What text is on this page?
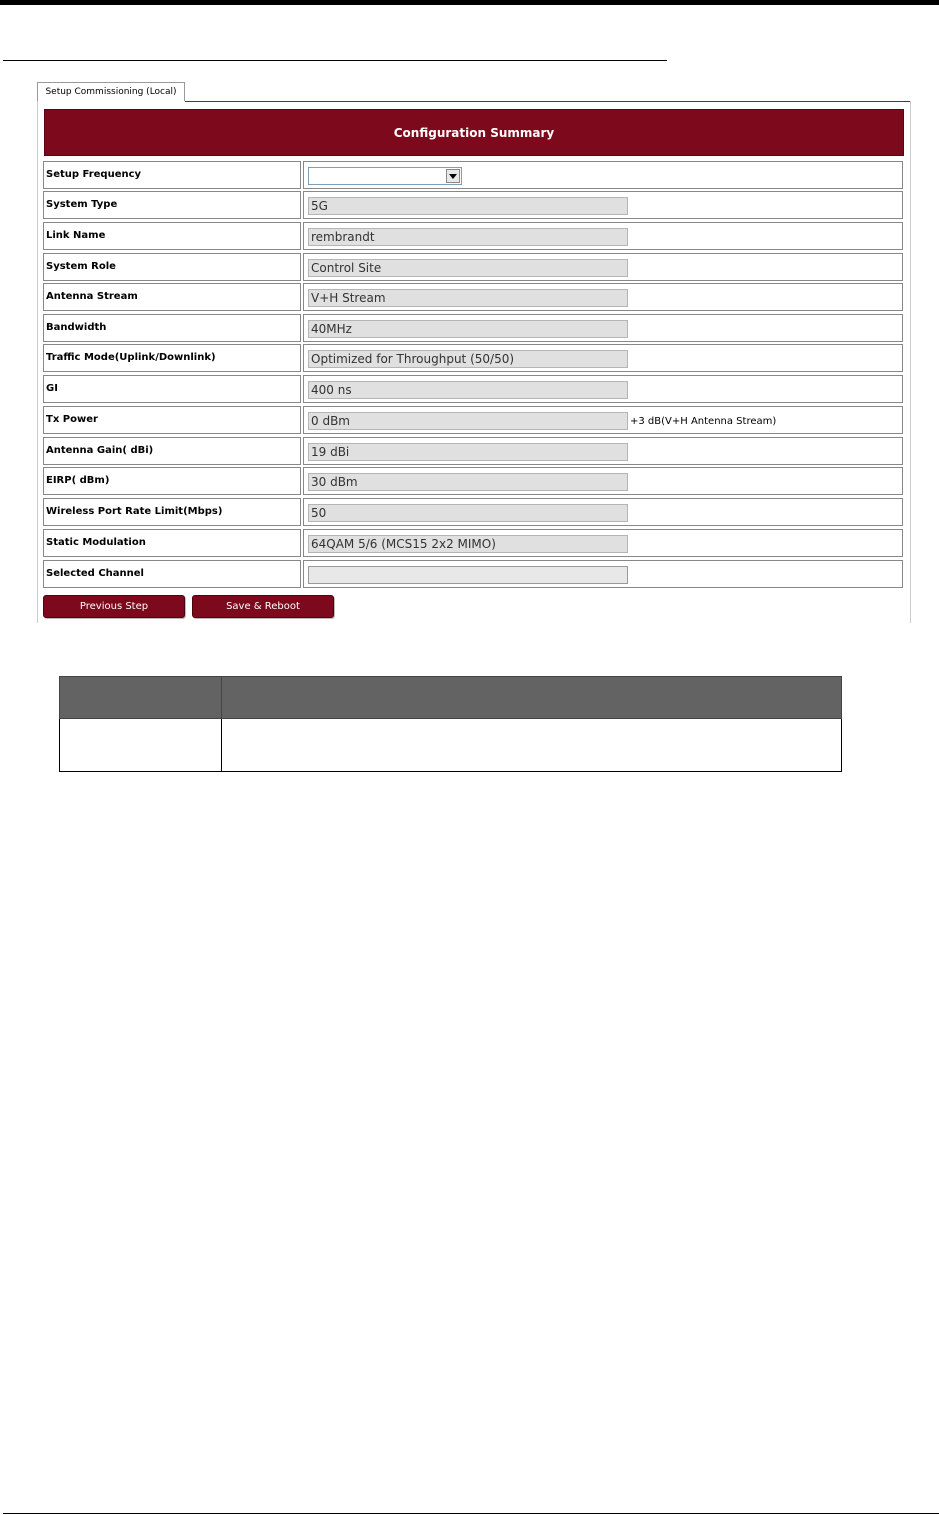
Setup Commissioning (Local)
Configuration Summary
Setup Frequency
System Type	5G
Link Name	rembrandt
System Role	Control Site
Antenna Stream	V+H Stream
Bandwidth	40MHz
Traffic Mode(Uplink/Downlink)	Optimized for Throughput (50/50)
GI	400 ns
Tx Power	0 dBm	+3 dB(V+H Antenna Stream)
Antenna Gain( dBi)	19 dBi
EIRP( dBm)	30 dBm
Wireless Port Rate Limit(Mbps)	50
Static Modulation	64QAM 5/6 (MCS15 2x2 MIMO)
Selected Channel
Previous Step	Save & Reboot
